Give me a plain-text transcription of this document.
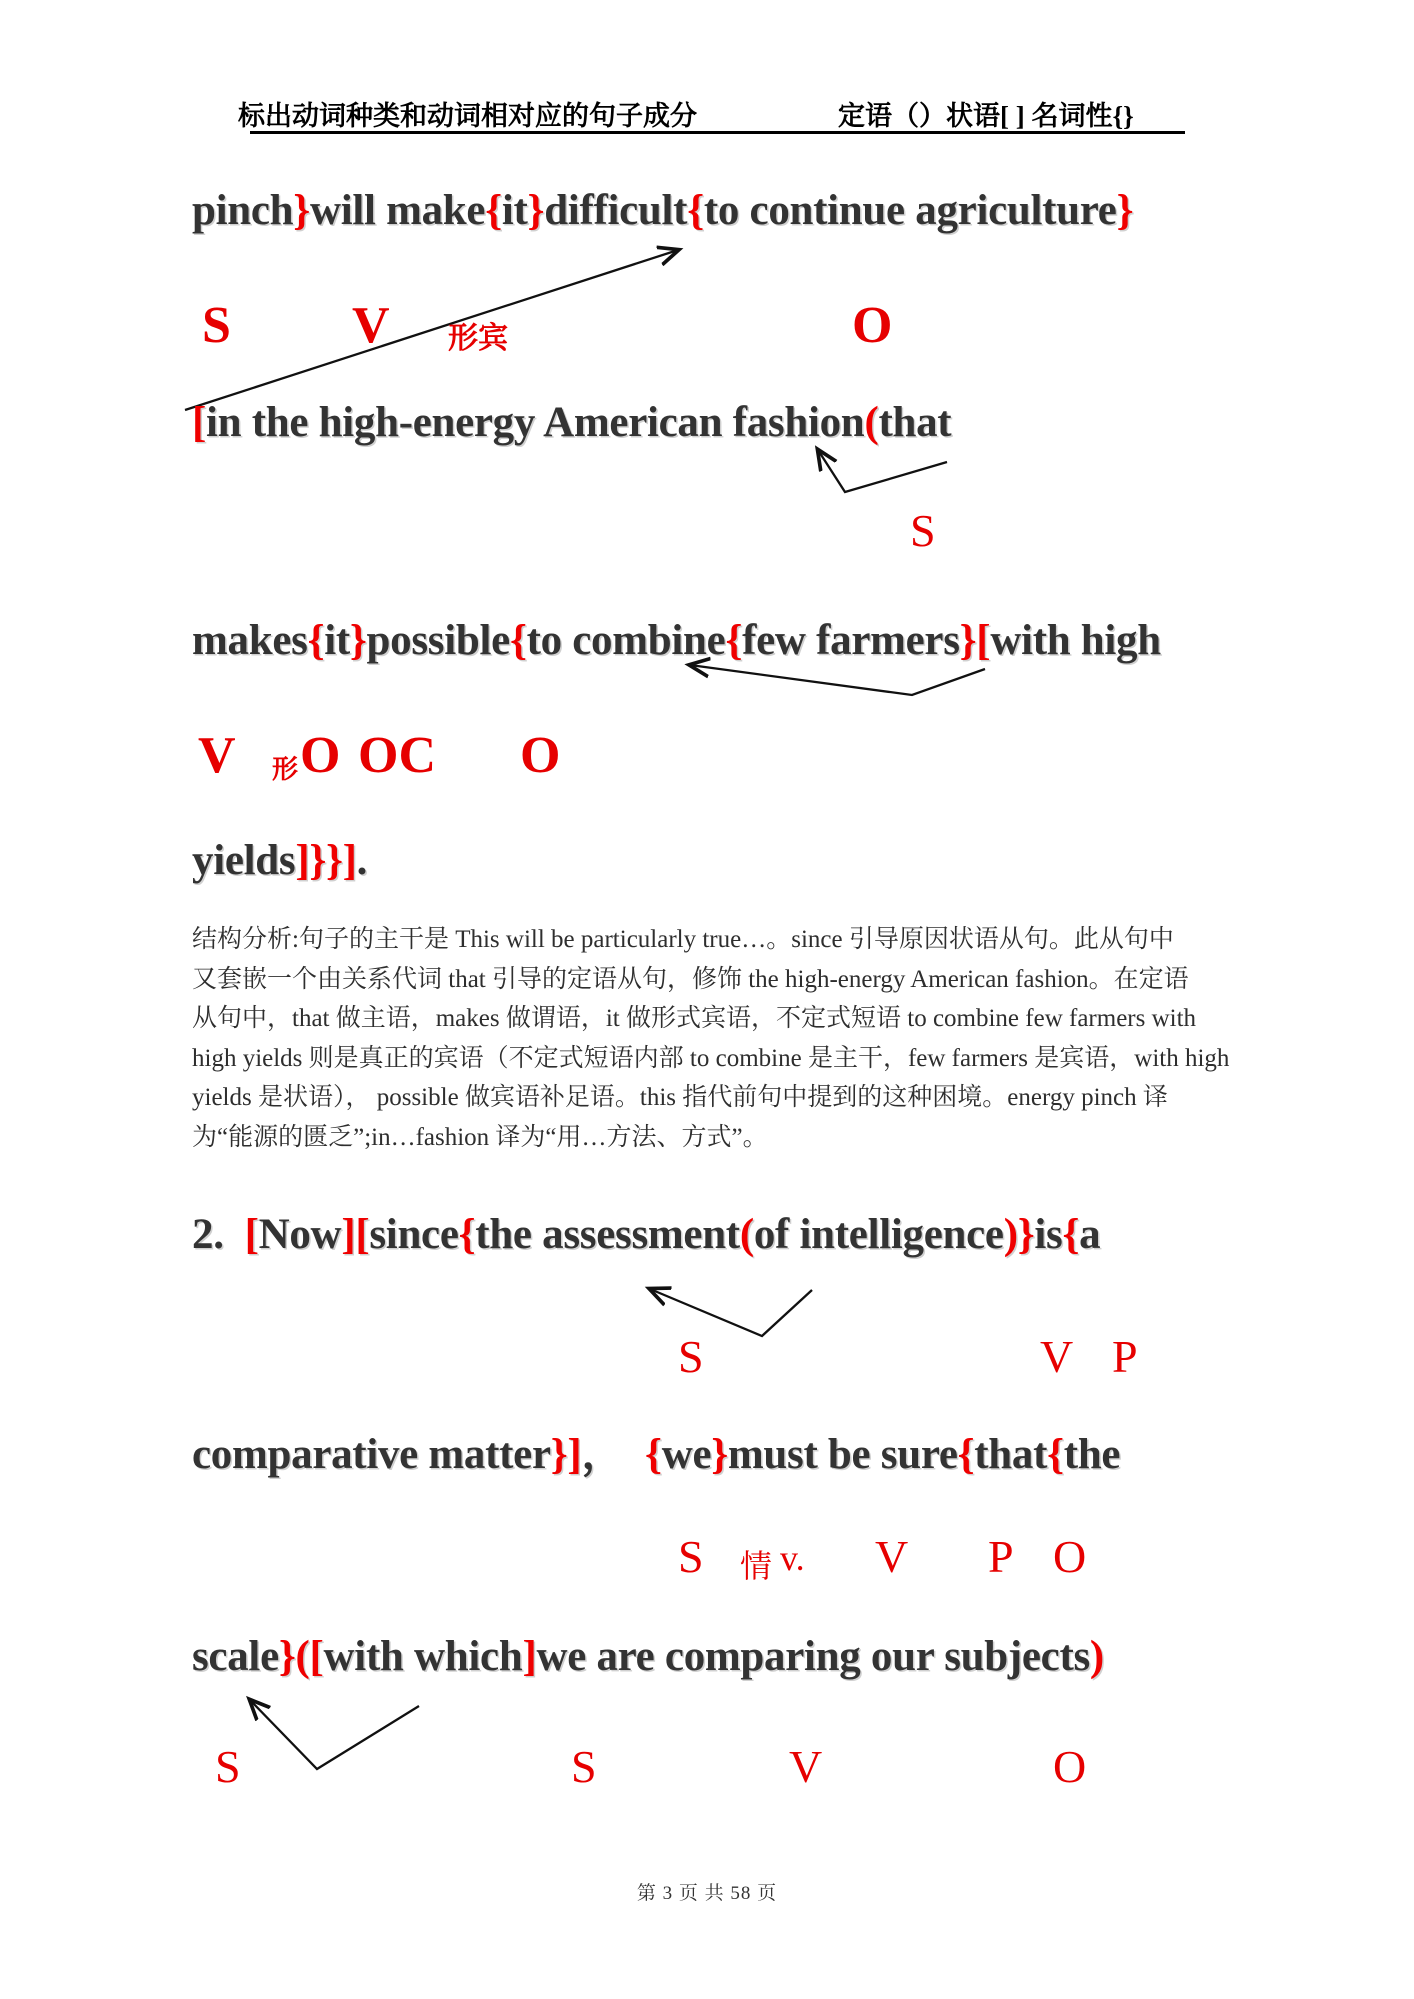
标出动词种类和动词相对应的句子成分	定语（）状语[ ] 名词性{}
pinch}will make{it}difficult{to continue agriculture}
S V 形宾	O
[in the high-energy American fashion(that
S
makes{it}possible{to combine{few farmers}[with high
V 形 O OC O
yields]}}].
结构分析:句子的主干是 This will be particularly true…。since 引导原因状语从句。此从句中
又套嵌一个由关系代词 that 引导的定语从句，修饰 the high-energy American fashion。在定语
从句中，that 做主语，makes 做谓语，it 做形式宾语，不定式短语 to combine few farmers with
high yields 则是真正的宾语（不定式短语内部 to combine 是主干，few farmers 是宾语，with high
yields 是状语）， possible 做宾语补足语。this 指代前句中提到的这种困境。energy pinch 译
为“能源的匮乏”;in…fashion 译为“用…方法、方式”。
2.  [Now][since{the assessment(of intelligence)}is{a
S	V P
comparative matter}]，  {we}must be sure{that{the
S 情 v. V P O
scale}([with which]we are comparing our subjects)
S	S	V	O
第 3 页 共 58 页
